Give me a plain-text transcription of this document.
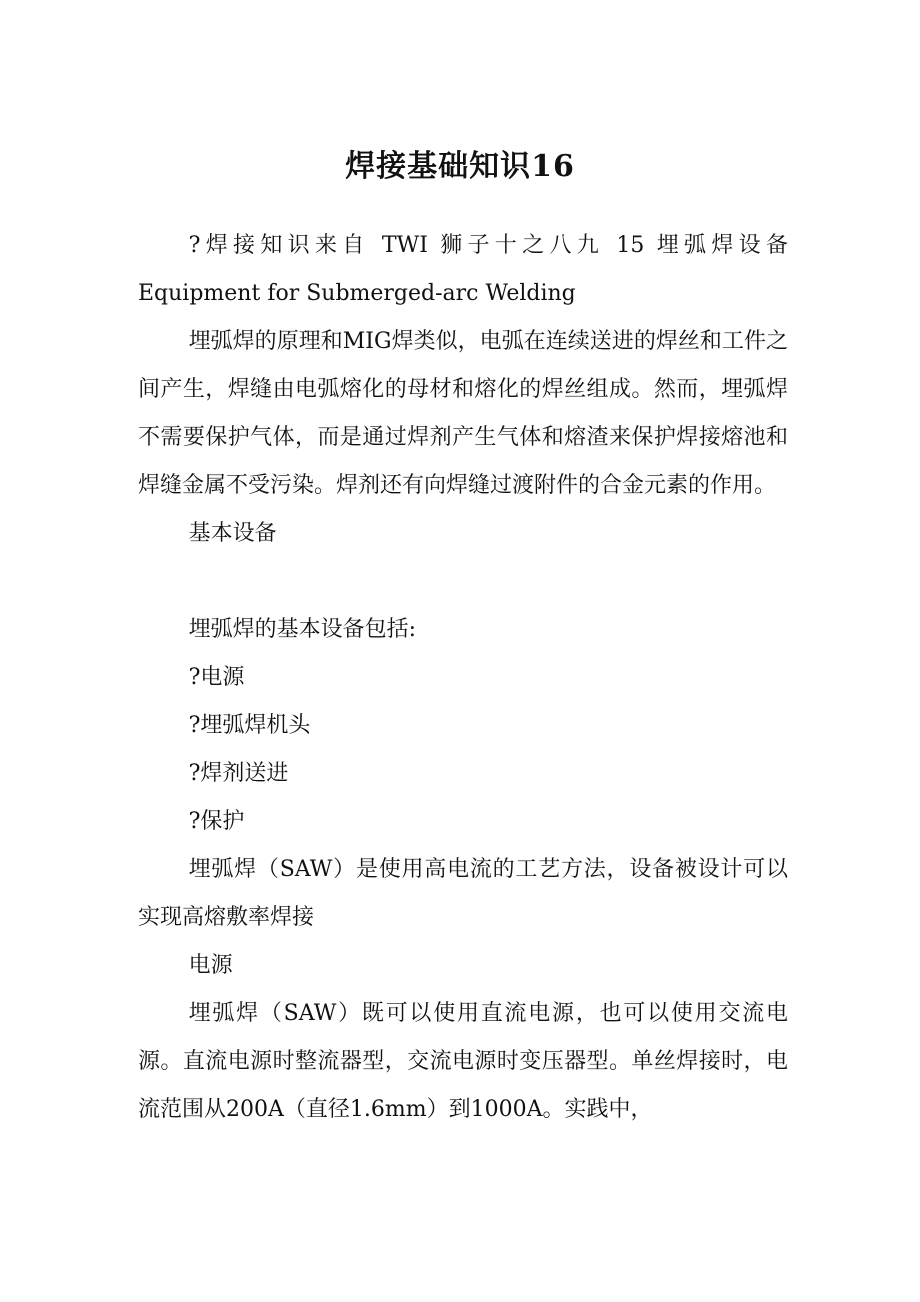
焊接基础知识16

?焊接知识来自 TWI 狮子十之八九 15 埋弧焊设备 Equipment for Submerged-arc Welding

埋弧焊的原理和MIG焊类似，电弧在连续送进的焊丝和工件之间产生，焊缝由电弧熔化的母材和熔化的焊丝组成。然而，埋弧焊不需要保护气体，而是通过焊剂产生气体和熔渣来保护焊接熔池和焊缝金属不受污染。焊剂还有向焊缝过渡附件的合金元素的作用。

基本设备

埋弧焊的基本设备包括:

?电源

?埋弧焊机头

?焊剂送进

?保护

埋弧焊（SAW）是使用高电流的工艺方法，设备被设计可以实现高熔敷率焊接

电源

埋弧焊（SAW）既可以使用直流电源，也可以使用交流电源。直流电源时整流器型，交流电源时变压器型。单丝焊接时，电流范围从200A（直径1.6mm）到1000A。实践中，
